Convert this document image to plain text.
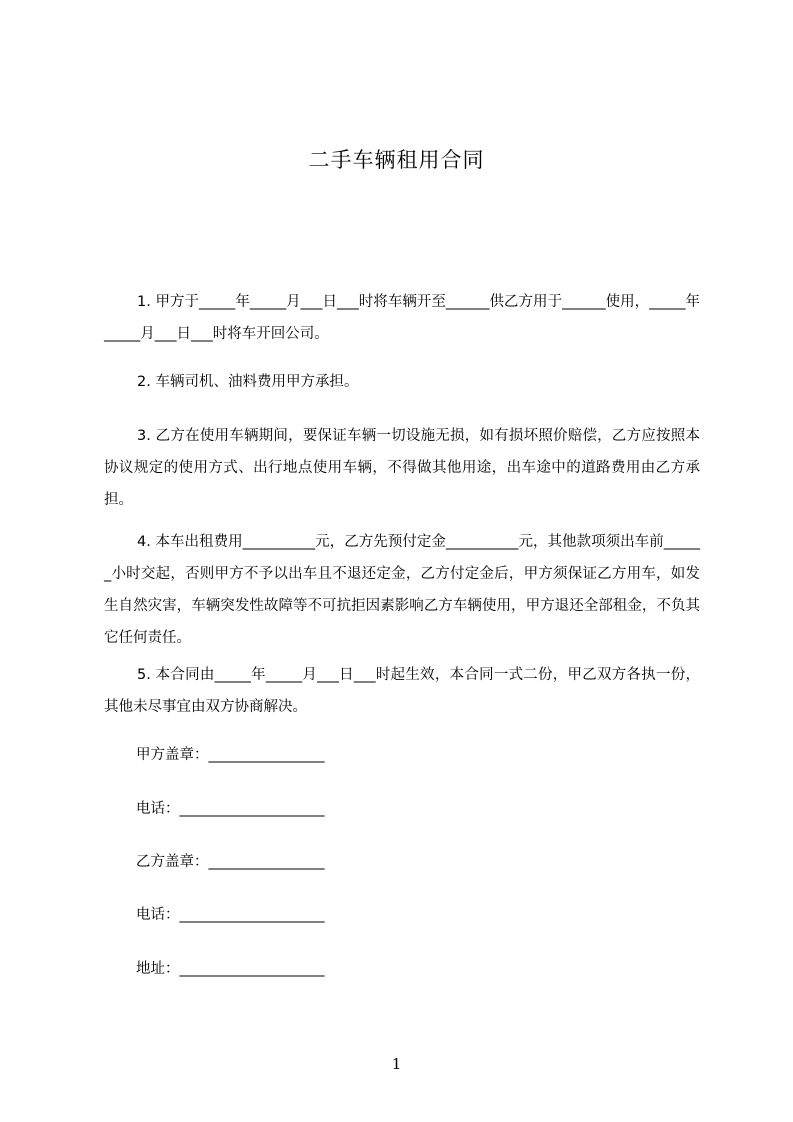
二手车辆租用合同

1. 甲方于_____年_____月___日___时将车辆开至______供乙方用于______使用，_____年_____月___日___时将车开回公司。

2. 车辆司机、油料费用甲方承担。

3. 乙方在使用车辆期间，要保证车辆一切设施无损，如有损坏照价赔偿，乙方应按照本协议规定的使用方式、出行地点使用车辆，不得做其他用途，出车途中的道路费用由乙方承担。

4. 本车出租费用__________元，乙方先预付定金__________元，其他款项须出车前______小时交起，否则甲方不予以出车且不退还定金，乙方付定金后，甲方须保证乙方用车，如发生自然灾害，车辆突发性故障等不可抗拒因素影响乙方车辆使用，甲方退还全部租金，不负其它任何责任。

5. 本合同由_____年_____月___日___时起生效，本合同一式二份，甲乙双方各执一份，其他未尽事宜由双方协商解决。

甲方盖章：________________
电话：____________________
乙方盖章：________________
电话：____________________
地址：____________________
1
